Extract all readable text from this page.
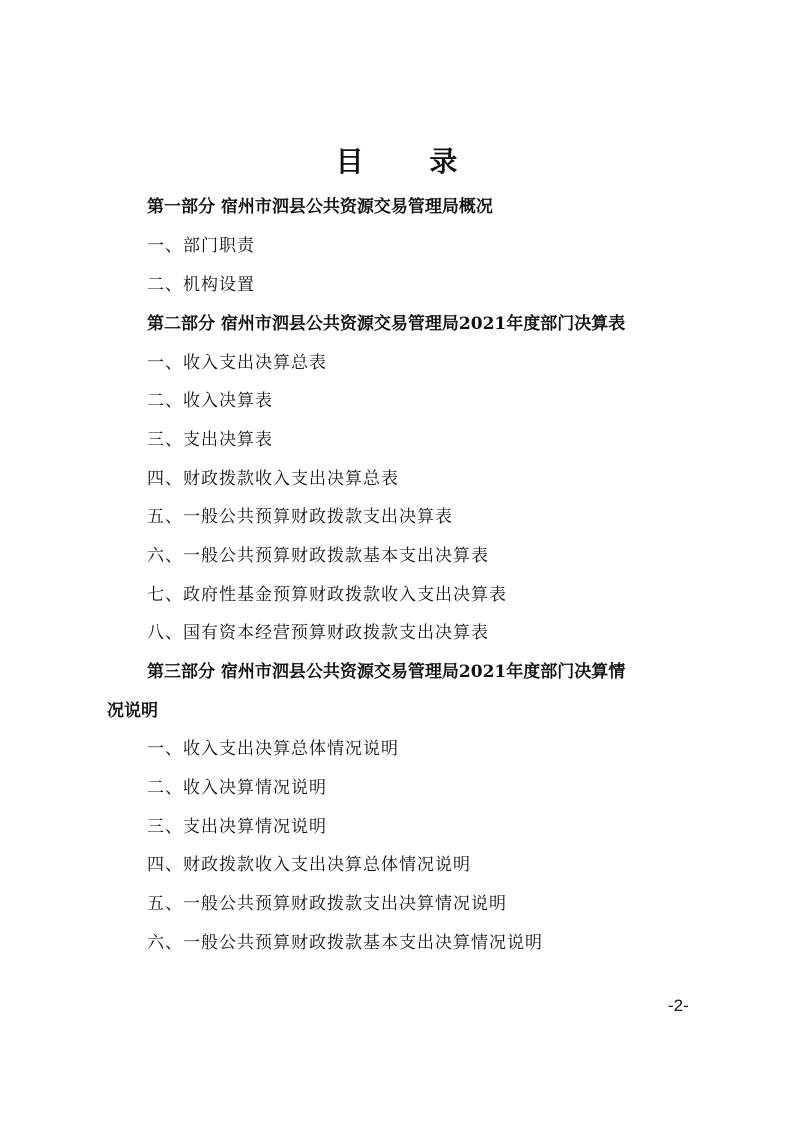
目 录
第一部分 宿州市泗县公共资源交易管理局概况
一、部门职责
二、机构设置
第二部分 宿州市泗县公共资源交易管理局2021年度部门决算表
一、收入支出决算总表
二、收入决算表
三、支出决算表
四、财政拨款收入支出决算总表
五、一般公共预算财政拨款支出决算表
六、一般公共预算财政拨款基本支出决算表
七、政府性基金预算财政拨款收入支出决算表
八、国有资本经营预算财政拨款支出决算表
第三部分 宿州市泗县公共资源交易管理局2021年度部门决算情
况说明
一、收入支出决算总体情况说明
二、收入决算情况说明
三、支出决算情况说明
四、财政拨款收入支出决算总体情况说明
五、一般公共预算财政拨款支出决算情况说明
六、一般公共预算财政拨款基本支出决算情况说明
-2-
